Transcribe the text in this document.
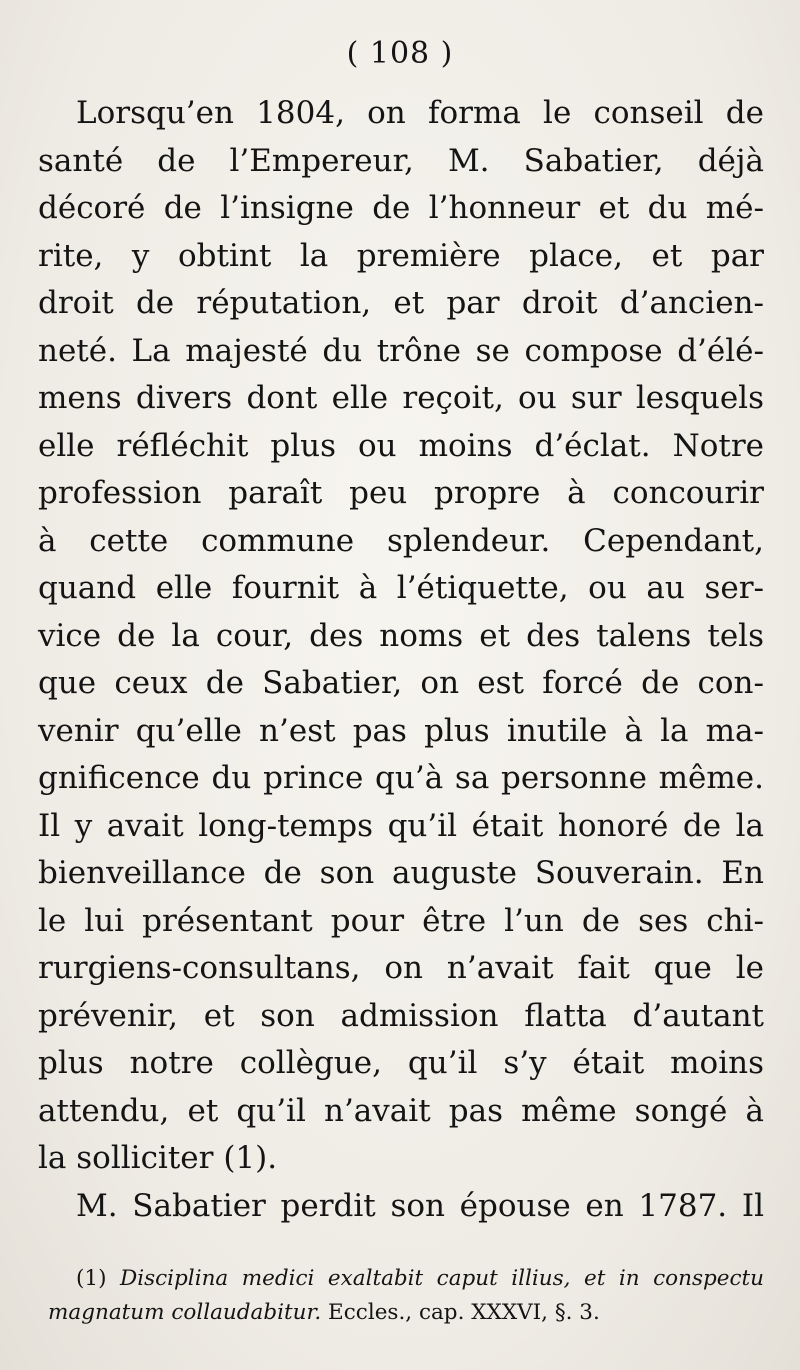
( 108 )
Lorsqu’en 1804, on forma le conseil de
santé de l’Empereur, M. Sabatier, déjà
décoré de l’insigne de l’honneur et du mé-
rite, y obtint la première place, et par
droit de réputation, et par droit d’ancien-
neté. La majesté du trône se compose d’élé-
mens divers dont elle reçoit, ou sur lesquels
elle réfléchit plus ou moins d’éclat. Notre
profession paraît peu propre à concourir
à cette commune splendeur. Cependant,
quand elle fournit à l’étiquette, ou au ser-
vice de la cour, des noms et des talens tels
que ceux de Sabatier, on est forcé de con-
venir qu’elle n’est pas plus inutile à la ma-
gnificence du prince qu’à sa personne même.
Il y avait long-temps qu’il était honoré de la
bienveillance de son auguste Souverain. En
le lui présentant pour être l’un de ses chi-
rurgiens-consultans, on n’avait fait que le
prévenir, et son admission flatta d’autant
plus notre collègue, qu’il s’y était moins
attendu, et qu’il n’avait pas même songé à
la solliciter (1).
M. Sabatier perdit son épouse en 1787. Il
(1) Disciplina medici exaltabit caput illius, et in conspectu
magnatum collaudabitur. Eccles., cap. XXXVI, §. 3.
